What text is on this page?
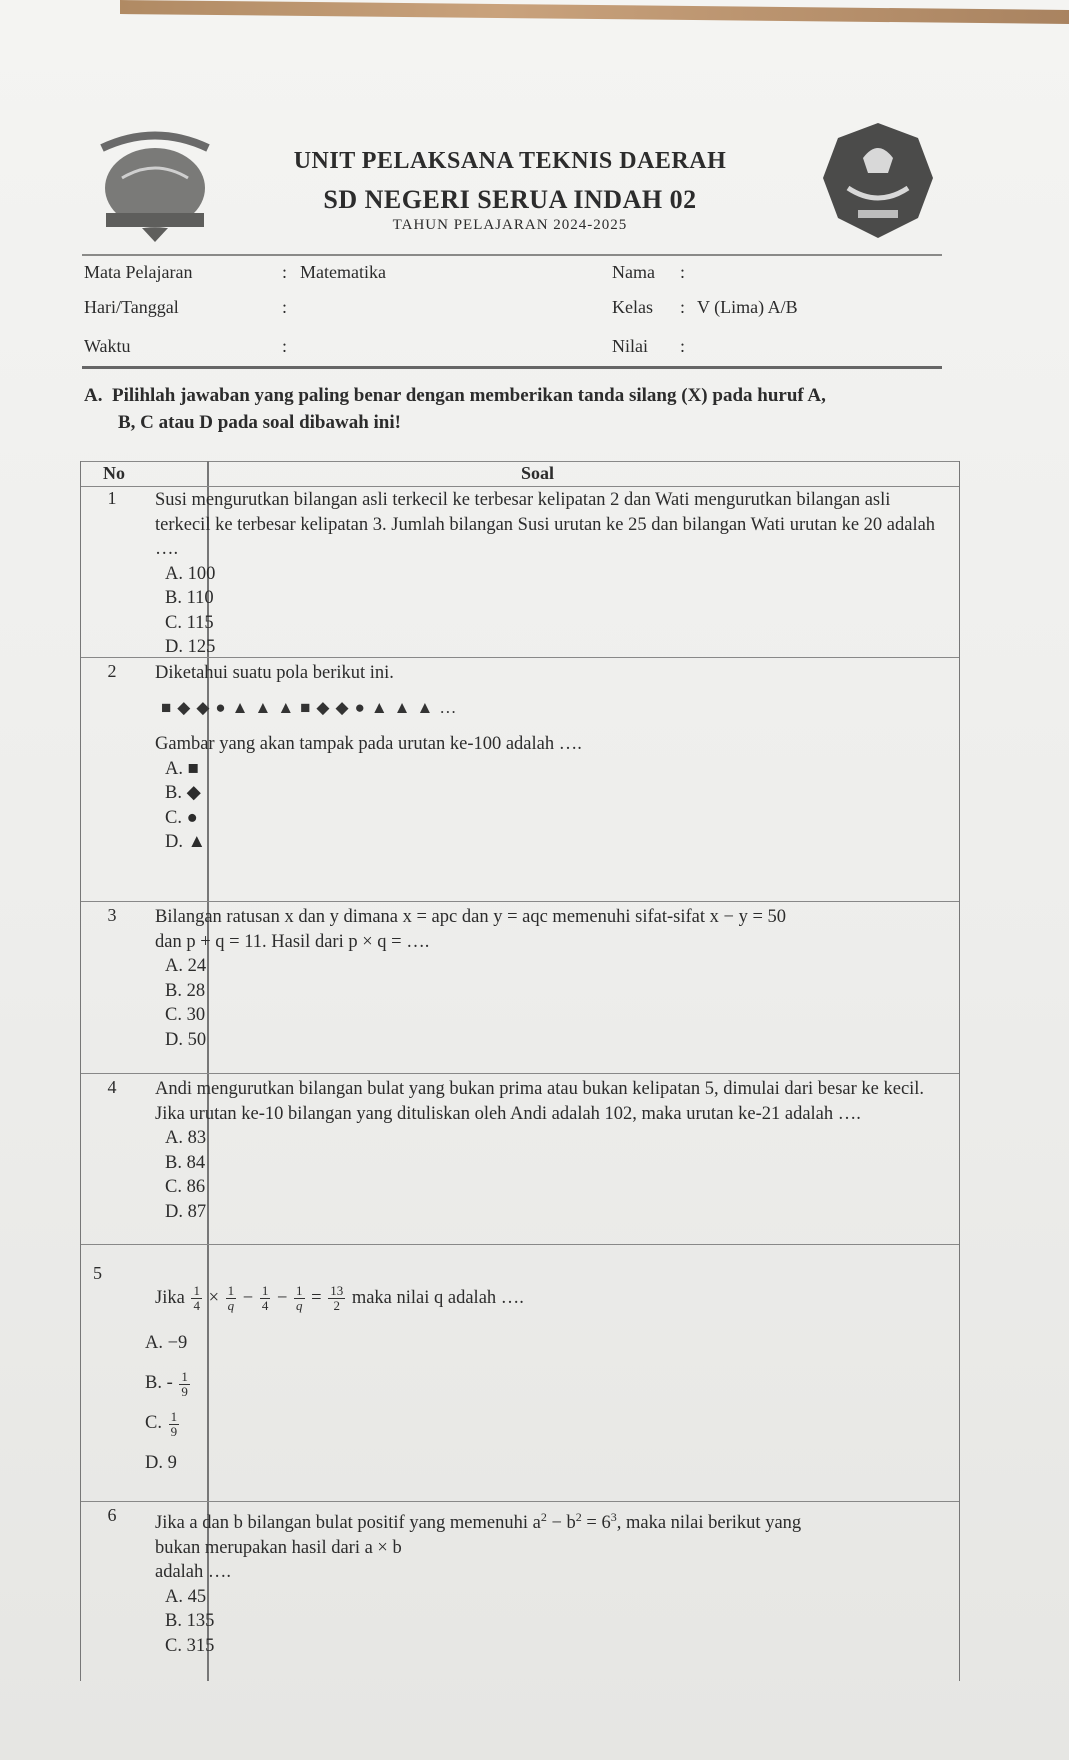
UNIT PELAKSANA TEKNIS DAERAH
SD NEGERI SERUA INDAH 02
TAHUN PELAJARAN 2024-2025
Mata Pelajaran	: Matematika	Nama :
Hari/Tanggal	:	Kelas : V (Lima) A/B
Waktu	:	Nilai :
A. Pilihlah jawaban yang paling benar dengan memberikan tanda silang (X) pada huruf A,
B, C atau D pada soal dibawah ini!
No	Soal
1	Susi mengurutkan bilangan asli terkecil ke terbesar kelipatan 2 dan Wati mengurutkan bilangan asli terkecil ke terbesar kelipatan 3. Jumlah bilangan Susi urutan ke 25 dan bilangan Wati urutan ke 20 adalah ….
A. 100
B. 110
C. 115
D. 125
2	Diketahui suatu pola berikut ini.
■◆◆●▲▲▲■◆◆●▲▲▲…
Gambar yang akan tampak pada urutan ke-100 adalah ….
A. ■
B. ◆
C. ●
D. ▲
3	Bilangan ratusan x dan y dimana x = apc dan y = aqc memenuhi sifat-sifat x − y = 50
dan p + q = 11. Hasil dari p × q = ….
A. 24
B. 28
C. 30
D. 50
4	Andi mengurutkan bilangan bulat yang bukan prima atau bukan kelipatan 5, dimulai dari besar ke kecil. Jika urutan ke-10 bilangan yang dituliskan oleh Andi adalah 102, maka urutan ke-21 adalah ….
A. 83
B. 84
C. 86
D. 87
5
Jika $\frac{1}{4} \times \frac{1}{q} - \frac{1}{4} - \frac{1}{q} = \frac{13}{2}$ maka nilai q adalah ….
A. −9
B. - $\frac{1}{9}$
C. $\frac{1}{9}$
D. 9
6	Jika a dan b bilangan bulat positif yang memenuhi $a^2 - b^2 = 6^3$, maka nilai berikut yang
bukan merupakan hasil dari a × b
adalah ….
A. 45
B. 135
C. 315
